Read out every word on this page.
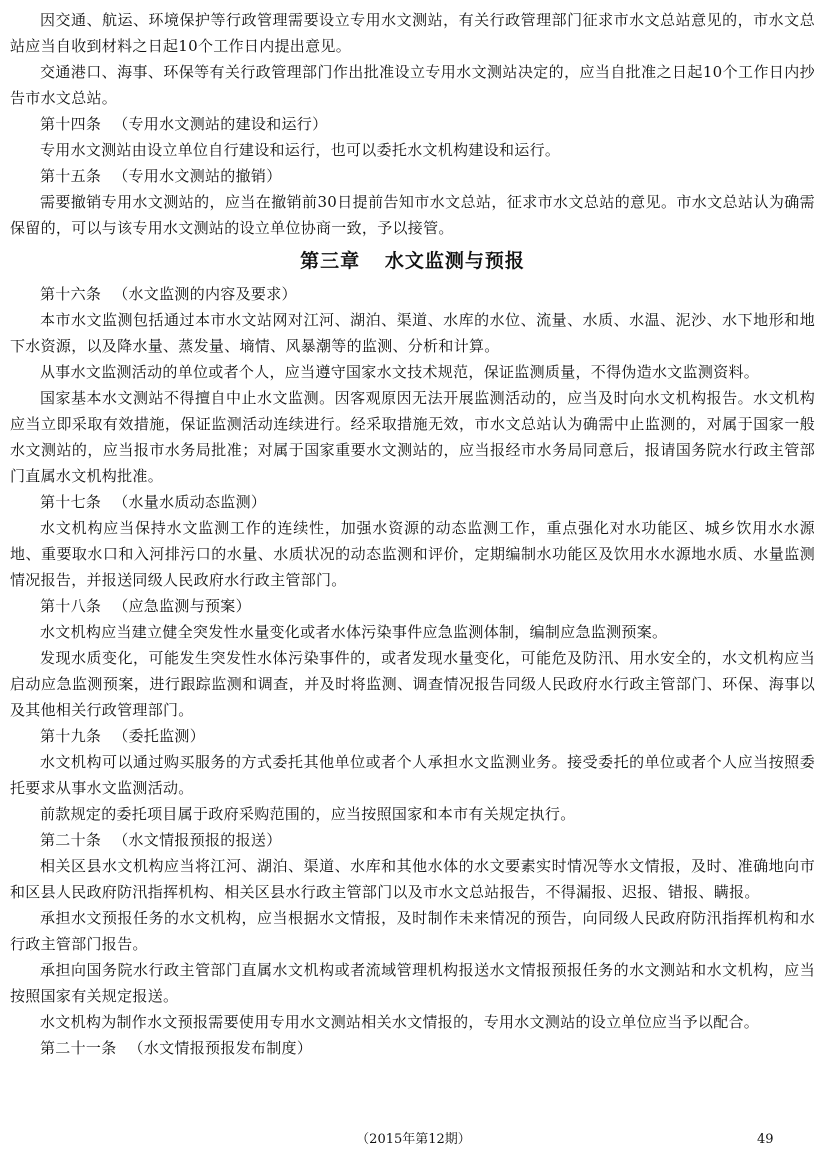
因交通、航运、环境保护等行政管理需要设立专用水文测站，有关行政管理部门征求市水文总站意见的，市水文总站应当自收到材料之日起10个工作日内提出意见。

交通港口、海事、环保等有关行政管理部门作出批准设立专用水文测站决定的，应当自批准之日起10个工作日内抄告市水文总站。

第十四条 （专用水文测站的建设和运行）

专用水文测站由设立单位自行建设和运行，也可以委托水文机构建设和运行。

第十五条 （专用水文测站的撤销）

需要撤销专用水文测站的，应当在撤销前30日提前告知市水文总站，征求市水文总站的意见。市水文总站认为确需保留的，可以与该专用水文测站的设立单位协商一致，予以接管。

第三章 水文监测与预报

第十六条 （水文监测的内容及要求）

本市水文监测包括通过本市水文站网对江河、湖泊、渠道、水库的水位、流量、水质、水温、泥沙、水下地形和地下水资源，以及降水量、蒸发量、墒情、风暴潮等的监测、分析和计算。

从事水文监测活动的单位或者个人，应当遵守国家水文技术规范，保证监测质量，不得伪造水文监测资料。

国家基本水文测站不得擅自中止水文监测。因客观原因无法开展监测活动的，应当及时向水文机构报告。水文机构应当立即采取有效措施，保证监测活动连续进行。经采取措施无效，市水文总站认为确需中止监测的，对属于国家一般水文测站的，应当报市水务局批准；对属于国家重要水文测站的，应当报经市水务局同意后，报请国务院水行政主管部门直属水文机构批准。

第十七条 （水量水质动态监测）

水文机构应当保持水文监测工作的连续性，加强水资源的动态监测工作，重点强化对水功能区、城乡饮用水水源地、重要取水口和入河排污口的水量、水质状况的动态监测和评价，定期编制水功能区及饮用水水源地水质、水量监测情况报告，并报送同级人民政府水行政主管部门。

第十八条 （应急监测与预案）

水文机构应当建立健全突发性水量变化或者水体污染事件应急监测体制，编制应急监测预案。

发现水质变化，可能发生突发性水体污染事件的，或者发现水量变化，可能危及防汛、用水安全的，水文机构应当启动应急监测预案，进行跟踪监测和调查，并及时将监测、调查情况报告同级人民政府水行政主管部门、环保、海事以及其他相关行政管理部门。

第十九条 （委托监测）

水文机构可以通过购买服务的方式委托其他单位或者个人承担水文监测业务。接受委托的单位或者个人应当按照委托要求从事水文监测活动。

前款规定的委托项目属于政府采购范围的，应当按照国家和本市有关规定执行。

第二十条 （水文情报预报的报送）

相关区县水文机构应当将江河、湖泊、渠道、水库和其他水体的水文要素实时情况等水文情报，及时、准确地向市和区县人民政府防汛指挥机构、相关区县水行政主管部门以及市水文总站报告，不得漏报、迟报、错报、瞒报。

承担水文预报任务的水文机构，应当根据水文情报，及时制作未来情况的预告，向同级人民政府防汛指挥机构和水行政主管部门报告。

承担向国务院水行政主管部门直属水文机构或者流域管理机构报送水文情报预报任务的水文测站和水文机构，应当按照国家有关规定报送。

水文机构为制作水文预报需要使用专用水文测站相关水文情报的，专用水文测站的设立单位应当予以配合。

第二十一条 （水文情报预报发布制度）

（2015年第12期）	49
